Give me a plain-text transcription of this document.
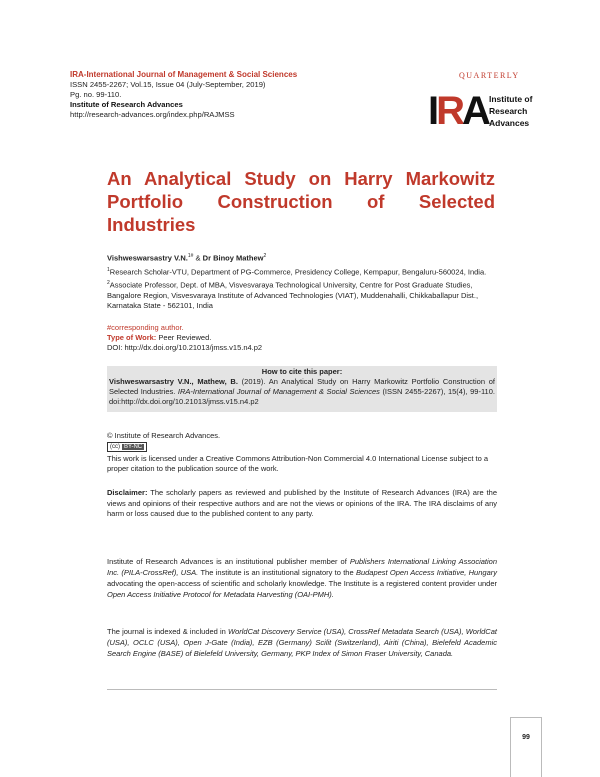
IRA-International Journal of Management & Social Sciences
ISSN 2455-2267; Vol.15, Issue 04 (July-September, 2019)
Pg. no. 99-110.
Institute of Research Advances
http://research-advances.org/index.php/RAJMSS
QUARTERLY
IRA Institute of
Research
Advances
An Analytical Study on Harry Markowitz Portfolio Construction of Selected Industries
Vishweswarsastry V.N.$^{1\#}$ & Dr Binoy Mathew$^2$
$^1$Research Scholar-VTU, Department of PG-Commerce, Presidency College, Kempapur, Bengaluru-560024, India.
$^2$Associate Professor, Dept. of MBA, Visvesvaraya Technological University, Centre for Post Graduate Studies, Bangalore Region, Visvesvaraya Institute of Advanced Technologies (VIAT), Muddenahalli, Chikkaballapur Dist., Karnataka State - 562101, India
#corresponding author.
Type of Work: Peer Reviewed.
DOI: http://dx.doi.org/10.21013/jmss.v15.n4.p2
How to cite this paper:
Vishweswarsastry V.N., Mathew, B. (2019). An Analytical Study on Harry Markowitz Portfolio Construction of Selected Industries. IRA-International Journal of Management & Social Sciences (ISSN 2455-2267), 15(4), 99-110. doi:http://dx.doi.org/10.21013/jmss.v15.n4.p2
© Institute of Research Advances.
(cc) BY-NC
This work is licensed under a Creative Commons Attribution-Non Commercial 4.0 International License subject to a proper citation to the publication source of the work.
Disclaimer: The scholarly papers as reviewed and published by the Institute of Research Advances (IRA) are the views and opinions of their respective authors and are not the views or opinions of the IRA. The IRA disclaims of any harm or loss caused due to the published content to any party.
Institute of Research Advances is an institutional publisher member of Publishers International Linking Association Inc. (PILA-CrossRef), USA. The institute is an institutional signatory to the Budapest Open Access Initiative, Hungary advocating the open-access of scientific and scholarly knowledge. The Institute is a registered content provider under Open Access Initiative Protocol for Metadata Harvesting (OAI-PMH).
The journal is indexed & included in WorldCat Discovery Service (USA), CrossRef Metadata Search (USA), WorldCat (USA), OCLC (USA), Open J-Gate (India), EZB (Germany) Scilit (Switzerland), Airiti (China), Bielefeld Academic Search Engine (BASE) of Bielefeld University, Germany, PKP Index of Simon Fraser University, Canada.
99
